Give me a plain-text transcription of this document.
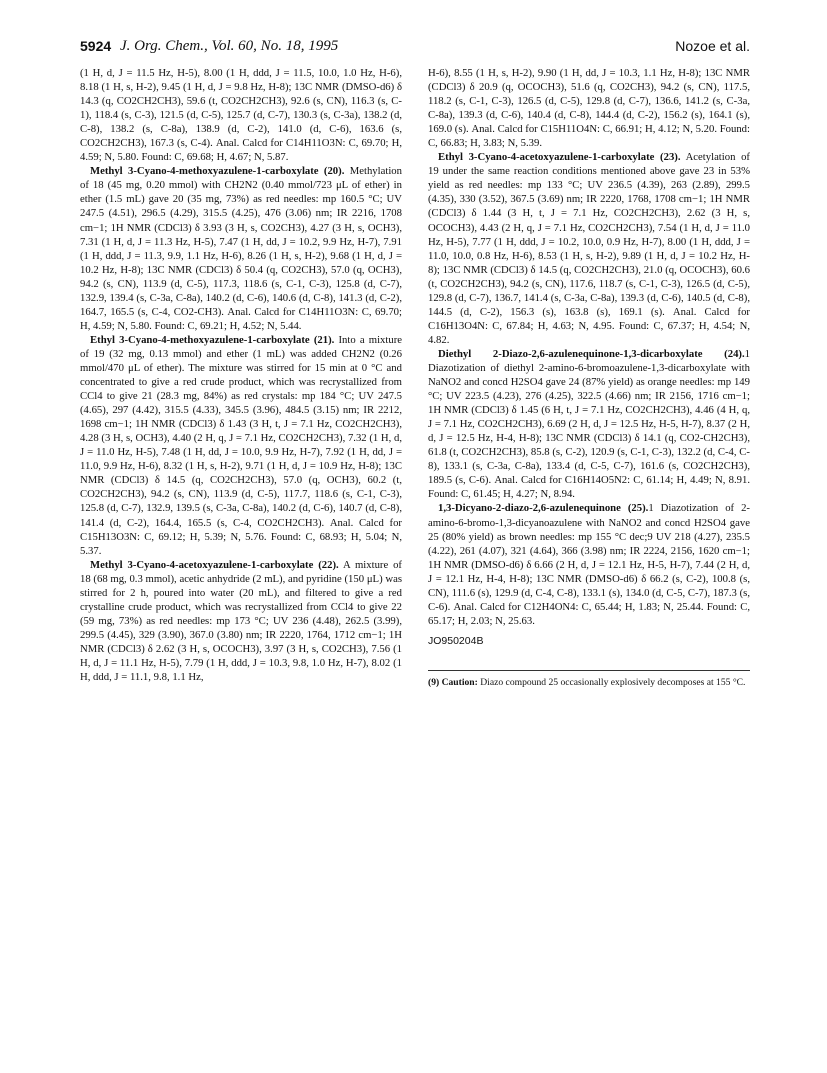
5924 J. Org. Chem., Vol. 60, No. 18, 1995	Nozoe et al.

(1 H, d, J = 11.5 Hz, H-5), 8.00 (1 H, ddd, J = 11.5, 10.0, 1.0 Hz, H-6), 8.18 (1 H, s, H-2), 9.45 (1 H, d, J = 9.8 Hz, H-8); 13C NMR (DMSO-d6) δ 14.3 (q, CO2CH2CH3), 59.6 (t, CO2CH2CH3), 92.6 (s, CN), 116.3 (s, C-1), 118.4 (s, C-3), 121.5 (d, C-5), 125.7 (d, C-7), 130.3 (s, C-3a), 138.2 (d, C-8), 138.2 (s, C-8a), 138.9 (d, C-2), 141.0 (d, C-6), 163.6 (s, CO2CH2CH3), 167.3 (s, C-4). Anal. Calcd for C14H11O3N: C, 69.70; H, 4.59; N, 5.80. Found: C, 69.68; H, 4.67; N, 5.87.

Methyl 3-Cyano-4-methoxyazulene-1-carboxylate (20). Methylation of 18 (45 mg, 0.20 mmol) with CH2N2 (0.40 mmol/723 μL of ether) in ether (1.5 mL) gave 20 (35 mg, 73%) as red needles: mp 160.5 °C; UV 247.5 (4.51), 296.5 (4.29), 315.5 (4.25), 476 (3.06) nm; IR 2216, 1708 cm−1; 1H NMR (CDCl3) δ 3.93 (3 H, s, CO2CH3), 4.27 (3 H, s, OCH3), 7.31 (1 H, d, J = 11.3 Hz, H-5), 7.47 (1 H, dd, J = 10.2, 9.9 Hz, H-7), 7.91 (1 H, ddd, J = 11.3, 9.9, 1.1 Hz, H-6), 8.26 (1 H, s, H-2), 9.68 (1 H, d, J = 10.2 Hz, H-8); 13C NMR (CDCl3) δ 50.4 (q, CO2CH3), 57.0 (q, OCH3), 94.2 (s, CN), 113.9 (d, C-5), 117.3, 118.6 (s, C-1, C-3), 125.8 (d, C-7), 132.9, 139.4 (s, C-3a, C-8a), 140.2 (d, C-6), 140.6 (d, C-8), 141.3 (d, C-2), 164.7, 165.5 (s, C-4, CO2-CH3). Anal. Calcd for C14H11O3N: C, 69.70; H, 4.59; N, 5.80. Found: C, 69.21; H, 4.52; N, 5.44.

Ethyl 3-Cyano-4-methoxyazulene-1-carboxylate (21). Into a mixture of 19 (32 mg, 0.13 mmol) and ether (1 mL) was added CH2N2 (0.26 mmol/470 μL of ether). The mixture was stirred for 15 min at 0 °C and concentrated to give a red crude product, which was recrystallized from CCl4 to give 21 (28.3 mg, 84%) as red crystals: mp 184 °C; UV 247.5 (4.65), 297 (4.42), 315.5 (4.33), 345.5 (3.96), 484.5 (3.15) nm; IR 2212, 1698 cm−1; 1H NMR (CDCl3) δ 1.43 (3 H, t, J = 7.1 Hz, CO2CH2CH3), 4.28 (3 H, s, OCH3), 4.40 (2 H, q, J = 7.1 Hz, CO2CH2CH3), 7.32 (1 H, d, J = 11.0 Hz, H-5), 7.48 (1 H, dd, J = 10.0, 9.9 Hz, H-7), 7.92 (1 H, dd, J = 11.0, 9.9 Hz, H-6), 8.32 (1 H, s, H-2), 9.71 (1 H, d, J = 10.9 Hz, H-8); 13C NMR (CDCl3) δ 14.5 (q, CO2CH2CH3), 57.0 (q, OCH3), 60.2 (t, CO2CH2CH3), 94.2 (s, CN), 113.9 (d, C-5), 117.7, 118.6 (s, C-1, C-3), 125.8 (d, C-7), 132.9, 139.5 (s, C-3a, C-8a), 140.2 (d, C-6), 140.7 (d, C-8), 141.4 (d, C-2), 164.4, 165.5 (s, C-4, CO2CH2CH3). Anal. Calcd for C15H13O3N: C, 69.12; H, 5.39; N, 5.76. Found: C, 68.93; H, 5.04; N, 5.37.

Methyl 3-Cyano-4-acetoxyazulene-1-carboxylate (22). A mixture of 18 (68 mg, 0.3 mmol), acetic anhydride (2 mL), and pyridine (150 μL) was stirred for 2 h, poured into water (20 mL), and filtered to give a red crystalline crude product, which was recrystallized from CCl4 to give 22 (59 mg, 73%) as red needles: mp 173 °C; UV 236 (4.48), 262.5 (3.99), 299.5 (4.45), 329 (3.90), 367.0 (3.80) nm; IR 2220, 1764, 1712 cm−1; 1H NMR (CDCl3) δ 2.62 (3 H, s, OCOCH3), 3.97 (3 H, s, CO2CH3), 7.56 (1 H, d, J = 11.1 Hz, H-5), 7.79 (1 H, ddd, J = 10.3, 9.8, 1.0 Hz, H-7), 8.02 (1 H, ddd, J = 11.1, 9.8, 1.1 Hz,

H-6), 8.55 (1 H, s, H-2), 9.90 (1 H, dd, J = 10.3, 1.1 Hz, H-8); 13C NMR (CDCl3) δ 20.9 (q, OCOCH3), 51.6 (q, CO2CH3), 94.2 (s, CN), 117.5, 118.2 (s, C-1, C-3), 126.5 (d, C-5), 129.8 (d, C-7), 136.6, 141.2 (s, C-3a, C-8a), 139.3 (d, C-6), 140.4 (d, C-8), 144.4 (d, C-2), 156.2 (s), 164.1 (s), 169.0 (s). Anal. Calcd for C15H11O4N: C, 66.91; H, 4.12; N, 5.20. Found: C, 66.83; H, 3.83; N, 5.39.

Ethyl 3-Cyano-4-acetoxyazulene-1-carboxylate (23). Acetylation of 19 under the same reaction conditions mentioned above gave 23 in 53% yield as red needles: mp 133 °C; UV 236.5 (4.39), 263 (2.89), 299.5 (4.35), 330 (3.52), 367.5 (3.69) nm; IR 2220, 1768, 1708 cm−1; 1H NMR (CDCl3) δ 1.44 (3 H, t, J = 7.1 Hz, CO2CH2CH3), 2.62 (3 H, s, OCOCH3), 4.43 (2 H, q, J = 7.1 Hz, CO2CH2CH3), 7.54 (1 H, d, J = 11.0 Hz, H-5), 7.77 (1 H, ddd, J = 10.2, 10.0, 0.9 Hz, H-7), 8.00 (1 H, ddd, J = 11.0, 10.0, 0.8 Hz, H-6), 8.53 (1 H, s, H-2), 9.89 (1 H, d, J = 10.2 Hz, H-8); 13C NMR (CDCl3) δ 14.5 (q, CO2CH2CH3), 21.0 (q, OCOCH3), 60.6 (t, CO2CH2CH3), 94.2 (s, CN), 117.6, 118.7 (s, C-1, C-3), 126.5 (d, C-5), 129.8 (d, C-7), 136.7, 141.4 (s, C-3a, C-8a), 139.3 (d, C-6), 140.5 (d, C-8), 144.5 (d, C-2), 156.3 (s), 163.8 (s), 169.1 (s). Anal. Calcd for C16H13O4N: C, 67.84; H, 4.63; N, 4.95. Found: C, 67.37; H, 4.54; N, 4.82.

Diethyl 2-Diazo-2,6-azulenequinone-1,3-dicarboxylate (24).1 Diazotization of diethyl 2-amino-6-bromoazulene-1,3-dicarboxylate with NaNO2 and concd H2SO4 gave 24 (87% yield) as orange needles: mp 149 °C; UV 223.5 (4.23), 276 (4.25), 322.5 (4.66) nm; IR 2156, 1716 cm−1; 1H NMR (CDCl3) δ 1.45 (6 H, t, J = 7.1 Hz, CO2CH2CH3), 4.46 (4 H, q, J = 7.1 Hz, CO2CH2CH3), 6.69 (2 H, d, J = 12.5 Hz, H-5, H-7), 8.37 (2 H, d, J = 12.5 Hz, H-4, H-8); 13C NMR (CDCl3) δ 14.1 (q, CO2-CH2CH3), 61.8 (t, CO2CH2CH3), 85.8 (s, C-2), 120.9 (s, C-1, C-3), 132.2 (d, C-4, C-8), 133.1 (s, C-3a, C-8a), 133.4 (d, C-5, C-7), 161.6 (s, CO2CH2CH3), 189.5 (s, C-6). Anal. Calcd for C16H14O5N2: C, 61.14; H, 4.49; N, 8.91. Found: C, 61.45; H, 4.27; N, 8.94.

1,3-Dicyano-2-diazo-2,6-azulenequinone (25).1 Diazotization of 2-amino-6-bromo-1,3-dicyanoazulene with NaNO2 and concd H2SO4 gave 25 (80% yield) as brown needles: mp 155 °C dec;9 UV 218 (4.27), 235.5 (4.22), 261 (4.07), 321 (4.64), 366 (3.98) nm; IR 2224, 2156, 1620 cm−1; 1H NMR (DMSO-d6) δ 6.66 (2 H, d, J = 12.1 Hz, H-5, H-7), 7.44 (2 H, d, J = 12.1 Hz, H-4, H-8); 13C NMR (DMSO-d6) δ 66.2 (s, C-2), 100.8 (s, CN), 111.6 (s), 129.9 (d, C-4, C-8), 133.1 (s), 134.0 (d, C-5, C-7), 187.3 (s, C-6). Anal. Calcd for C12H4ON4: C, 65.44; H, 1.83; N, 25.44. Found: C, 65.17; H, 2.03; N, 25.63.

JO950204B

(9) Caution: Diazo compound 25 occasionally explosively decomposes at 155 °C.
